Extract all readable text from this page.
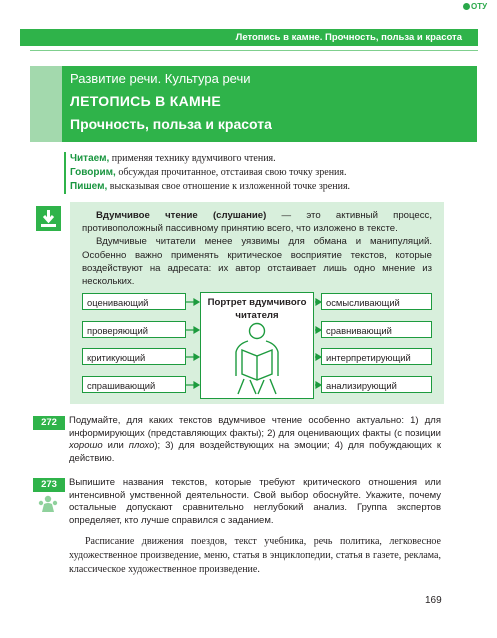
ОТУ
Летопись в камне. Прочность, польза и красота
Развитие речи. Культура речи
ЛЕТОПИСЬ В КАМНЕ
Прочность, польза и красота
Читаем, применяя технику вдумчивого чтения.
Говорим, обсуждая прочитанное, отстаивая свою точку зрения.
Пишем, высказывая свое отношение к изложенной точке зрения.

Вдумчивое чтение (слушание) — это активный процесс, противоположный пассивному принятию всего, что изложено в тексте.

Вдумчивые читатели менее уязвимы для обмана и манипуляций. Особенно важно применять критическое восприятие текстов, которые воздействуют на адресата: их автор отстаивает лишь одно мнение из нескольких.

оценивающий
проверяющий
критикующий
спрашивающий
осмысливающий
сравнивающий
интерпретирующий
анализирующий
Портрет вдумчивого читателя
272	Подумайте, для каких текстов вдумчивое чтение особенно актуально: 1) для информирующих (представляющих факты); 2) для оценивающих факты (с позиции хорошо или плохо); 3) для воздействующих на эмоции; 4) для побуждающих к действию.
273	Выпишите названия текстов, которые требуют критического отношения или интенсивной умственной деятельности. Свой выбор обоснуйте. Укажите, почему остальные допускают сравнительно неглубокий анализ. Группа экспертов определяет, кто лучше справился с заданием.
Расписание движения поездов, текст учебника, речь политика, легковесное художественное произведение, меню, статья в энциклопедии, статья в газете, реклама, классическое художественное произведение.
169
